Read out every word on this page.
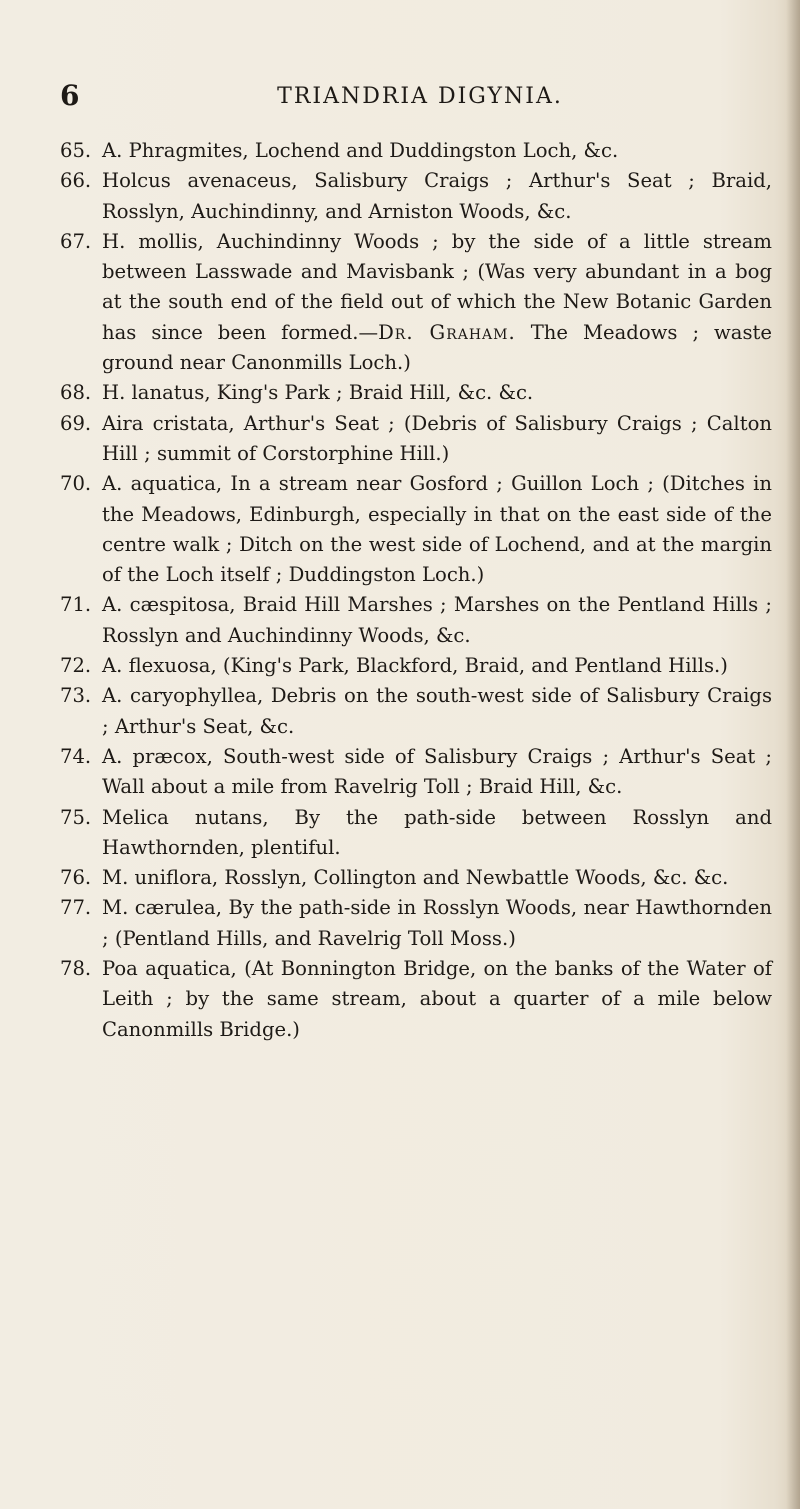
6	TRIANDRIA DIGYNIA.

65. A. Phragmites, Lochend and Duddingston Loch, &c.

66. Holcus avenaceus, Salisbury Craigs ; Arthur's Seat ; Braid, Rosslyn, Auchindinny, and Arniston Woods, &c.

67. H. mollis, Auchindinny Woods ; by the side of a little stream between Lasswade and Mavisbank ; (Was very abundant in a bog at the south end of the field out of which the New Botanic Garden has since been formed.—Dr. Graham. The Meadows ; waste ground near Canonmills Loch.)

68. H. lanatus, King's Park ; Braid Hill, &c. &c.

69. Aira cristata, Arthur's Seat ; (Debris of Salisbury Craigs ; Calton Hill ; summit of Corstorphine Hill.)

70. A. aquatica, In a stream near Gosford ; Guillon Loch ; (Ditches in the Meadows, Edinburgh, especially in that on the east side of the centre walk ; Ditch on the west side of Lochend, and at the margin of the Loch itself ; Duddingston Loch.)

71. A. cæspitosa, Braid Hill Marshes ; Marshes on the Pentland Hills ; Rosslyn and Auchindinny Woods, &c.

72. A. flexuosa, (King's Park, Blackford, Braid, and Pentland Hills.)

73. A. caryophyllea, Debris on the south-west side of Salisbury Craigs ; Arthur's Seat, &c.

74. A. præcox, South-west side of Salisbury Craigs ; Arthur's Seat ; Wall about a mile from Ravelrig Toll ; Braid Hill, &c.

75. Melica nutans, By the path-side between Rosslyn and Hawthornden, plentiful.

76. M. uniflora, Rosslyn, Collington and Newbattle Woods, &c. &c.

77. M. cærulea, By the path-side in Rosslyn Woods, near Hawthornden ; (Pentland Hills, and Ravelrig Toll Moss.)

78. Poa aquatica, (At Bonnington Bridge, on the banks of the Water of Leith ; by the same stream, about a quarter of a mile below Canonmills Bridge.)
